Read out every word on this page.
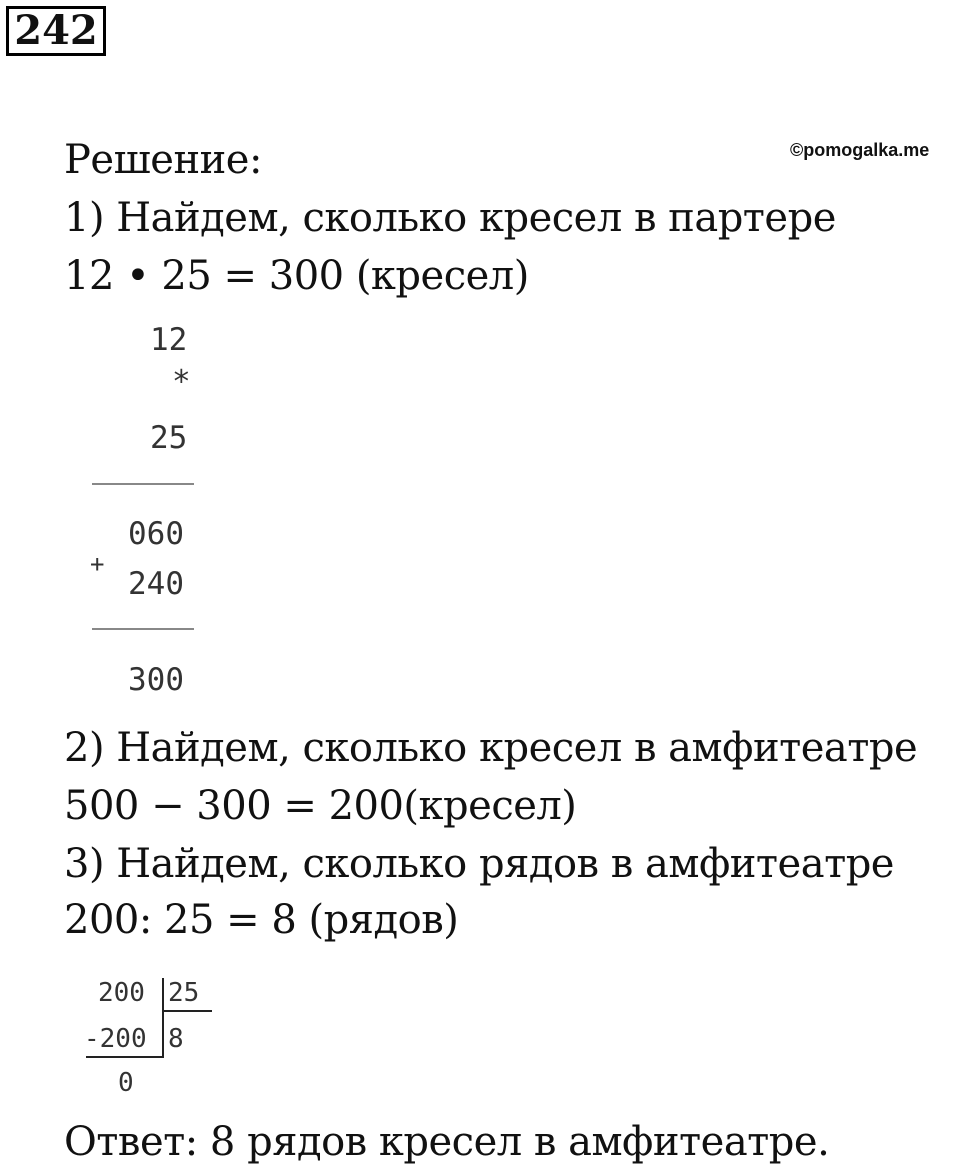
242
©pomogalka.me
Решение:
1) Найдем, сколько кресел в партере
12 • 25 = 300 (кресел)
12
*
25
060
+
240
300
2) Найдем, сколько кресел в амфитеатре
500 − 300 = 200(кресел)
3) Найдем, сколько рядов в амфитеатре
200: 25 = 8 (рядов)
200 25
-200 8
0
Ответ: 8 рядов кресел в амфитеатре.
